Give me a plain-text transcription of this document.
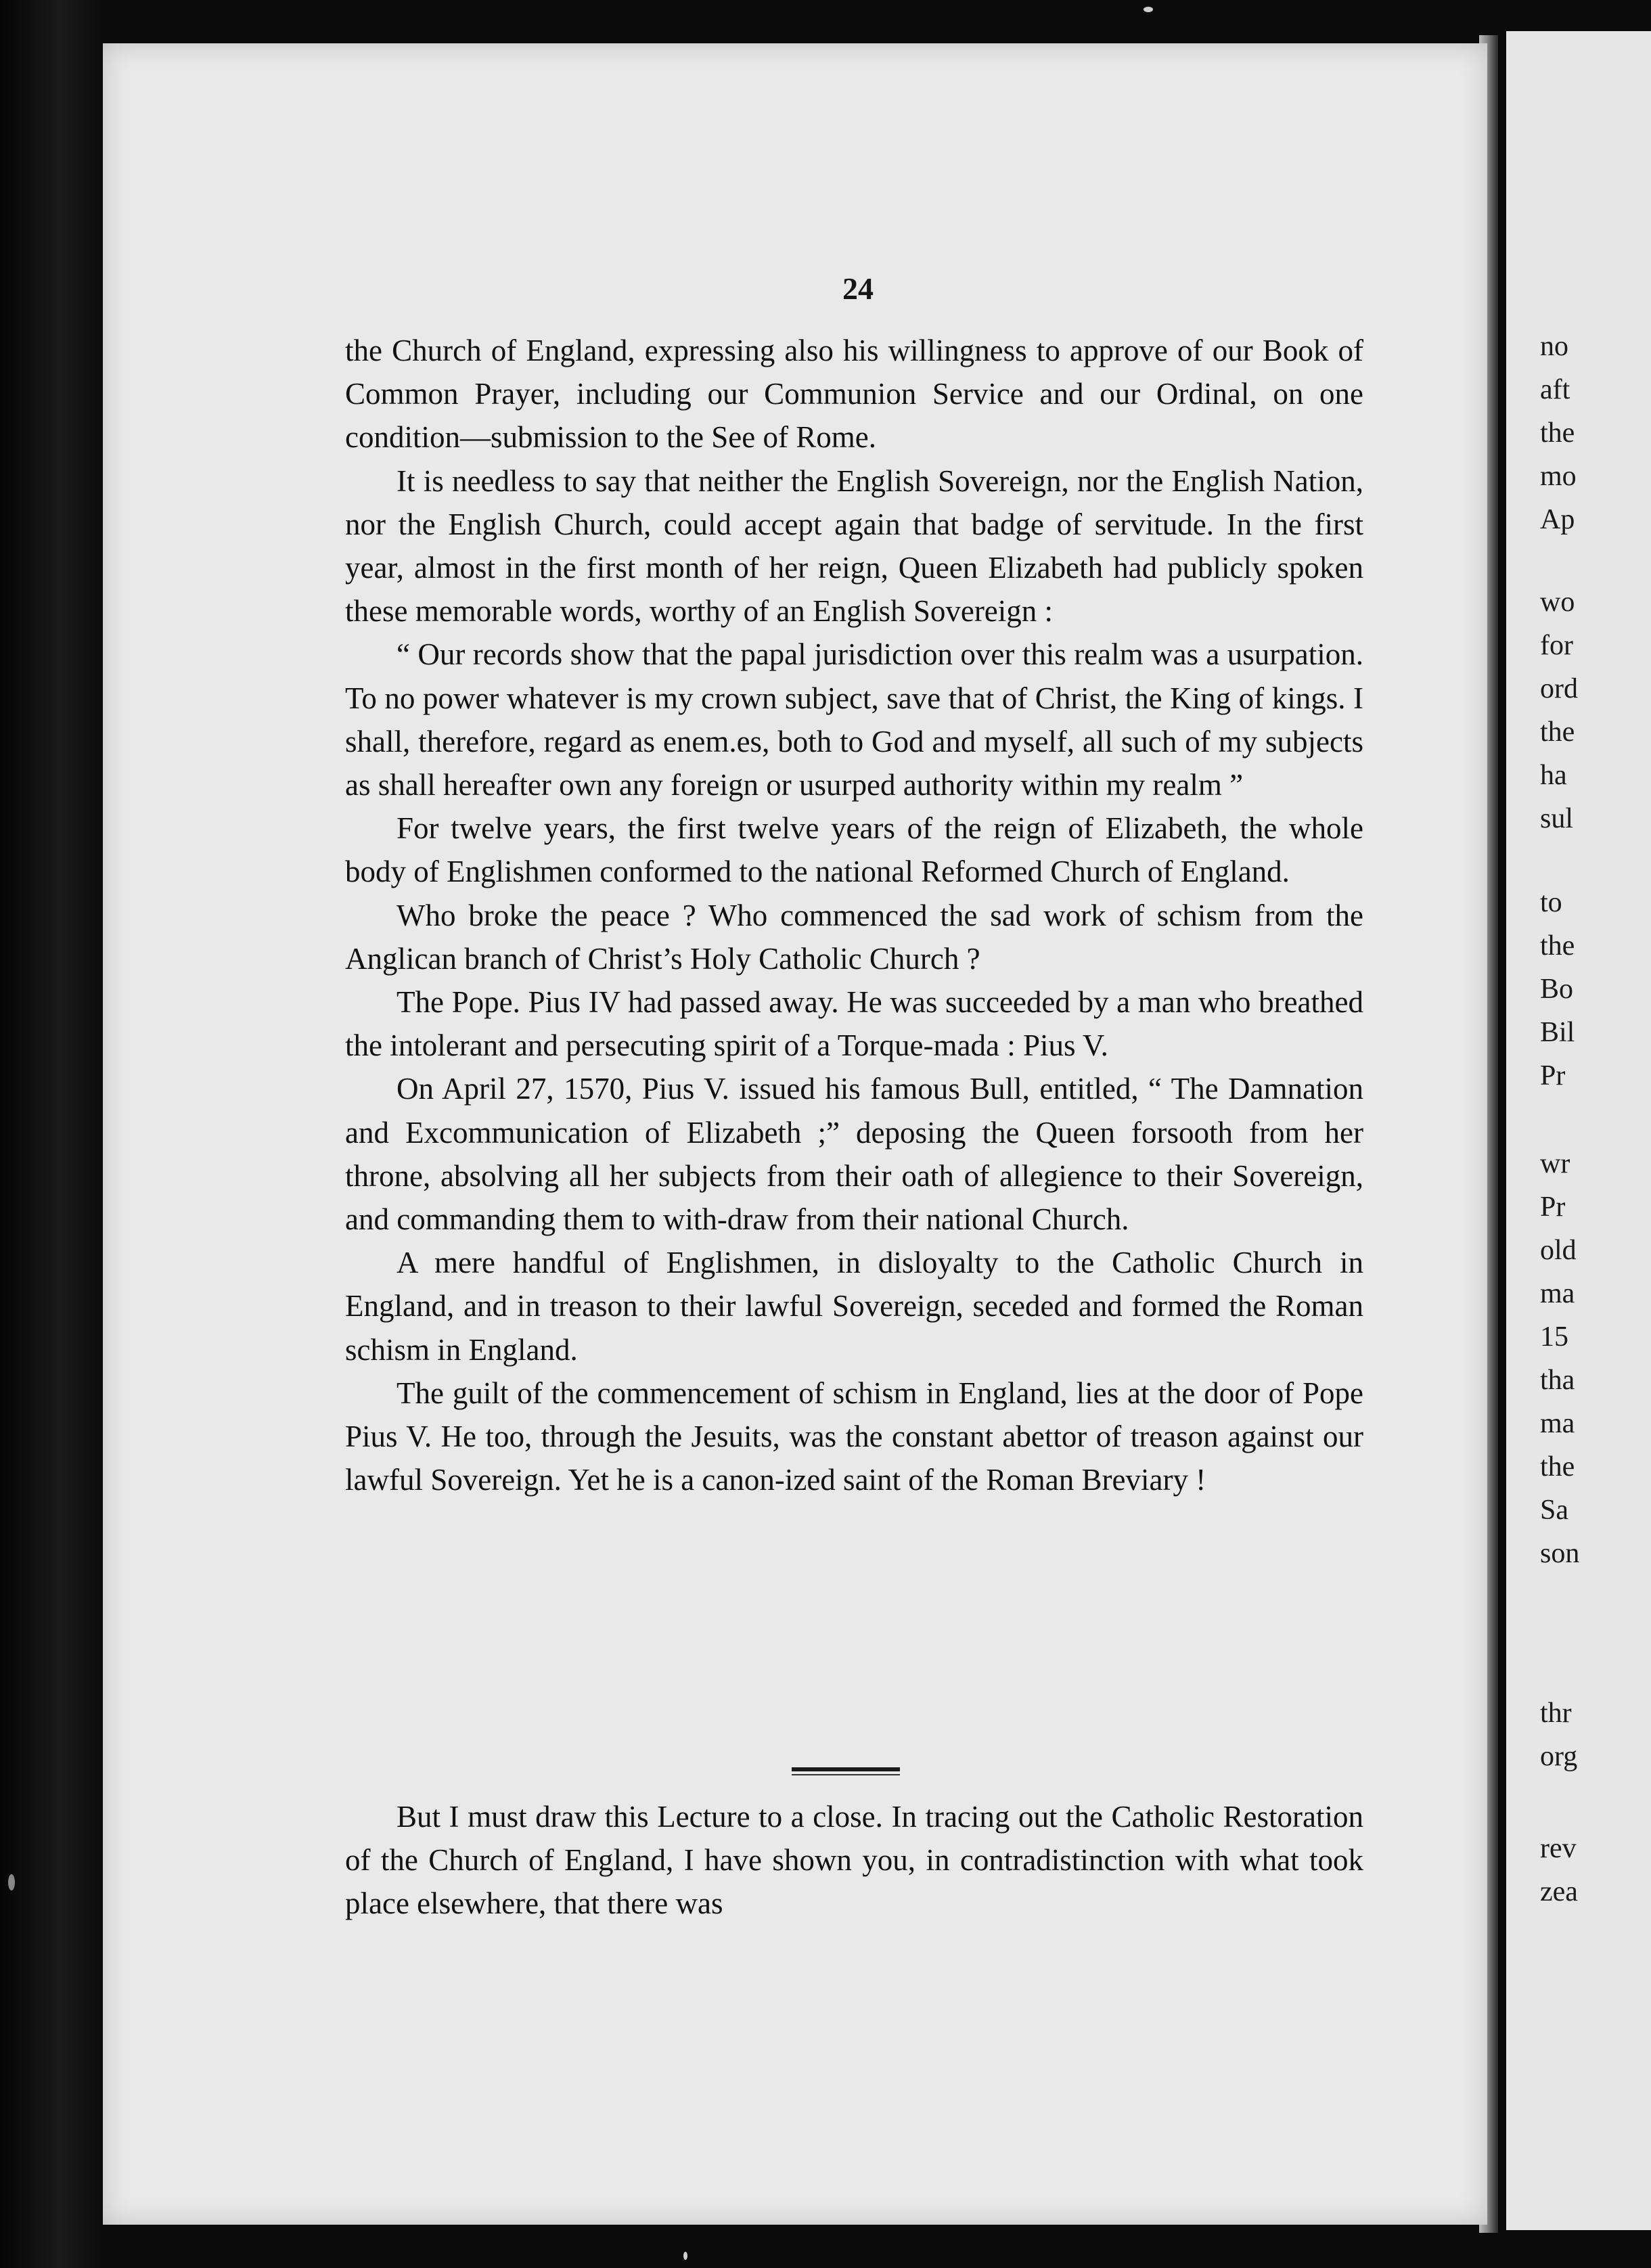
24

the Church of England, expressing also his willingness to approve of our Book of Common Prayer, including our Communion Service and our Ordinal, on one condition—submission to the See of Rome.

It is needless to say that neither the English Sovereign, nor the English Nation, nor the English Church, could accept again that badge of servitude. In the first year, almost in the first month of her reign, Queen Elizabeth had publicly spoken these memorable words, worthy of an English Sovereign :

“ Our records show that the papal jurisdiction over this realm was a usurpation. To no power whatever is my crown subject, save that of Christ, the King of kings. I shall, therefore, regard as enem.es, both to God and myself, all such of my subjects as shall hereafter own any foreign or usurped authority within my realm ”

For twelve years, the first twelve years of the reign of Elizabeth, the whole body of Englishmen conformed to the national Reformed Church of England.

Who broke the peace ? Who commenced the sad work of schism from the Anglican branch of Christ’s Holy Catholic Church ?

The Pope. Pius IV had passed away. He was succeeded by a man who breathed the intolerant and persecuting spirit of a Torque-mada : Pius V.

On April 27, 1570, Pius V. issued his famous Bull, entitled, “ The Damnation and Excommunication of Elizabeth ;” deposing the Queen forsooth from her throne, absolving all her subjects from their oath of allegience to their Sovereign, and commanding them to with-draw from their national Church.

A mere handful of Englishmen, in disloyalty to the Catholic Church in England, and in treason to their lawful Sovereign, seceded and formed the Roman schism in England.

The guilt of the commencement of schism in England, lies at the door of Pope Pius V. He too, through the Jesuits, was the constant abettor of treason against our lawful Sovereign. Yet he is a canon-ized saint of the Roman Breviary !

But I must draw this Lecture to a close. In tracing out the Catholic Restoration of the Church of England, I have shown you, in contradistinction with what took place elsewhere, that there was

no
aft
the
mo
Ap
wo
for
ord
the
ha
sul
to
the
Bo
Bil
Pr
wr
Pr
old
ma
15
tha
ma
the
Sa
son
thr
org
rev
zea
